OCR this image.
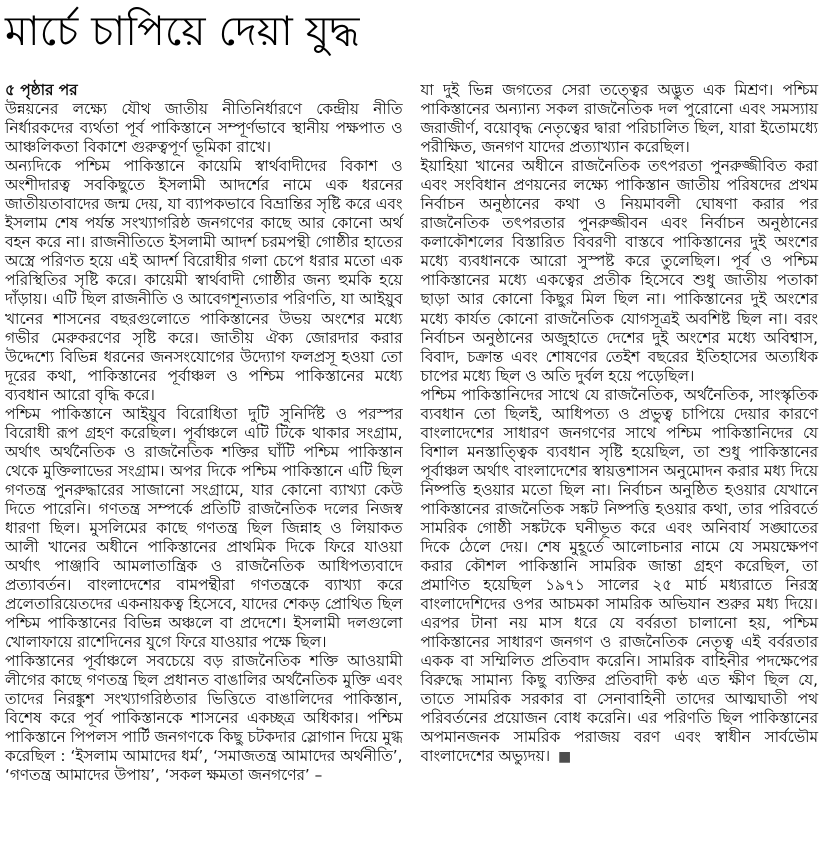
মার্চে চাপিয়ে দেয়া যুদ্ধ

৫ পৃষ্ঠার পর

উন্নয়নের লক্ষ্যে যৌথ জাতীয় নীতিনির্ধারণে কেন্দ্রীয় নীতি নির্ধারকদের ব্যর্থতা পূর্ব পাকিস্তানে সম্পূর্ণভাবে স্থানীয় পক্ষপাত ও আঞ্চলিকতা বিকাশে গুরুত্বপূর্ণ ভূমিকা রাখে।

অন্যদিকে পশ্চিম পাকিস্তানে কায়েমি স্বার্থবাদীদের বিকাশ ও অংশীদারত্ব সবকিছুতে ইসলামী আদর্শের নামে এক ধরনের জাতীয়তাবাদের জন্ম দেয়, যা ব্যাপকভাবে বিভ্রান্তির সৃষ্টি করে এবং ইসলাম শেষ পর্যন্ত সংখ্যাগরিষ্ঠ জনগণের কাছে আর কোনো অর্থ বহন করে না। রাজনীতিতে ইসলামী আদর্শ চরমপন্থী গোষ্ঠীর হাতের অস্ত্রে পরিণত হয়ে এই আদর্শ বিরোধীর গলা চেপে ধরার মতো এক পরিস্থিতির সৃষ্টি করে। কায়েমী স্বার্থবাদী গোষ্ঠীর জন্য হুমকি হয়ে দাঁড়ায়। এটি ছিল রাজনীতি ও আবেগশূন্যতার পরিণতি, যা আইয়ুব খানের শাসনের বছরগুলোতে পাকিস্তানের উভয় অংশের মধ্যে গভীর মেরুকরণের সৃষ্টি করে। জাতীয় ঐক্য জোরদার করার উদ্দেশ্যে বিভিন্ন ধরনের জনসংযোগের উদ্যোগ ফলপ্রসূ হওয়া তো দূরের কথা, পাকিস্তানের পূর্বাঞ্চল ও পশ্চিম পাকিস্তানের মধ্যে ব্যবধান আরো বৃদ্ধি করে।

পশ্চিম পাকিস্তানে আইয়ুব বিরোধিতা দুটি সুনির্দিষ্ট ও পরস্পর বিরোধী রূপ গ্রহণ করেছিল। পূর্বাঞ্চলে এটি টিকে থাকার সংগ্রাম, অর্থাৎ অর্থনৈতিক ও রাজনৈতিক শক্তির ঘাঁটি পশ্চিম পাকিস্তান থেকে মুক্তিলাভের সংগ্রাম। অপর দিকে পশ্চিম পাকিস্তানে এটি ছিল গণতন্ত্র পুনরুদ্ধারের সাজানো সংগ্রামে, যার কোনো ব্যাখ্যা কেউ দিতে পারেনি। গণতন্ত্র সম্পর্কে প্রতিটি রাজনৈতিক দলের নিজস্ব ধারণা ছিল। মুসলিমের কাছে গণতন্ত্র ছিল জিন্নাহ ও লিয়াকত আলী খানের অধীনে পাকিস্তানের প্রাথমিক দিকে ফিরে যাওয়া অর্থাৎ পাঞ্জাবি আমলাতান্ত্রিক ও রাজনৈতিক আধিপত্যবাদে প্রত্যাবর্তন। বাংলাদেশের বামপন্থীরা গণতন্ত্রকে ব্যাখ্যা করে প্রলেতারিয়েতদের একনায়কত্ব হিসেবে, যাদের শেকড় প্রোথিত ছিল পশ্চিম পাকিস্তানের বিভিন্ন অঞ্চলে বা প্রদেশে। ইসলামী দলগুলো খোলাফায়ে রাশেদিনের যুগে ফিরে যাওয়ার পক্ষে ছিল।

পাকিস্তানের পূর্বাঞ্চলে সবচেয়ে বড় রাজনৈতিক শক্তি আওয়ামী লীগের কাছে গণতন্ত্র ছিল প্রধানত বাঙালির অর্থনৈতিক মুক্তি এবং তাদের নিরঙ্কুশ সংখ্যাগরিষ্ঠতার ভিত্তিতে বাঙালিদের পাকিস্তান, বিশেষ করে পূর্ব পাকিস্তানকে শাসনের একচ্ছত্র অধিকার। পশ্চিম পাকিস্তানে পিপলস পার্টি জনগণকে কিছু চটকদার স্লোগান দিয়ে মুগ্ধ করেছিল : ‘ইসলাম আমাদের ধর্ম’, ‘সমাজতন্ত্র আমাদের অর্থনীতি’, ‘গণতন্ত্র আমাদের উপায়’, ‘সকল ক্ষমতা জনগণের’ –

যা দুই ভিন্ন জগতের সেরা তত্ত্বের অদ্ভুত এক মিশ্রণ। পশ্চিম পাকিস্তানের অন্যান্য সকল রাজনৈতিক দল পুরোনো এবং সমস্যায় জরাজীর্ণ, বয়োবৃদ্ধ নেতৃত্বের দ্বারা পরিচালিত ছিল, যারা ইতোমধ্যে পরীক্ষিত, জনগণ যাদের প্রত্যাখ্যান করেছিল।

ইয়াহিয়া খানের অধীনে রাজনৈতিক তৎপরতা পুনরুজ্জীবিত করা এবং সংবিধান প্রণয়নের লক্ষ্যে পাকিস্তান জাতীয় পরিষদের প্রথম নির্বাচন অনুষ্ঠানের কথা ও নিয়মাবলী ঘোষণা করার পর রাজনৈতিক তৎপরতার পুনরুজ্জীবন এবং নির্বাচন অনুষ্ঠানের কলাকৌশলের বিস্তারিত বিবরণী বাস্তবে পাকিস্তানের দুই অংশের মধ্যে ব্যবধানকে আরো সুস্পষ্ট করে তুলেছিল। পূর্ব ও পশ্চিম পাকিস্তানের মধ্যে একত্বের প্রতীক হিসেবে শুধু জাতীয় পতাকা ছাড়া আর কোনো কিছুর মিল ছিল না। পাকিস্তানের দুই অংশের মধ্যে কার্যত কোনো রাজনৈতিক যোগসূত্রই অবশিষ্ট ছিল না। বরং নির্বাচন অনুষ্ঠানের অজুহাতে দেশের দুই অংশের মধ্যে অবিশ্বাস, বিবাদ, চক্রান্ত এবং শোষণের তেইশ বছরের ইতিহাসের অত্যধিক চাপের মধ্যে ছিল ও অতি দুর্বল হয়ে পড়েছিল।

পশ্চিম পাকিস্তানিদের সাথে যে রাজনৈতিক, অর্থনৈতিক, সাংস্কৃতিক ব্যবধান তো ছিলই, আধিপত্য ও প্রভুত্ব চাপিয়ে দেয়ার কারণে বাংলাদেশের সাধারণ জনগণের সাথে পশ্চিম পাকিস্তানিদের যে বিশাল মনস্তাত্ত্বিক ব্যবধান সৃষ্টি হয়েছিল, তা শুধু পাকিস্তানের পূর্বাঞ্চল অর্থাৎ বাংলাদেশের স্বায়ত্তশাসন অনুমোদন করার মধ্য দিয়ে নিষ্পত্তি হওয়ার মতো ছিল না। নির্বাচন অনুষ্ঠিত হওয়ার যেখানে পাকিস্তানের রাজনৈতিক সঙ্কট নিষ্পত্তি হওয়ার কথা, তার পরিবর্তে সামরিক গোষ্ঠী সঙ্কটকে ঘনীভূত করে এবং অনিবার্য সঙ্ঘাতের দিকে ঠেলে দেয়। শেষ মুহূর্তে আলোচনার নামে যে সময়ক্ষেপণ করার কৌশল পাকিস্তানি সামরিক জান্তা গ্রহণ করেছিল, তা প্রমাণিত হয়েছিল ১৯৭১ সালের ২৫ মার্চ মধ্যরাতে নিরস্ত্র বাংলাদেশিদের ওপর আচমকা সামরিক অভিযান শুরুর মধ্য দিয়ে। এরপর টানা নয় মাস ধরে যে বর্বরতা চালানো হয়, পশ্চিম পাকিস্তানের সাধারণ জনগণ ও রাজনৈতিক নেতৃত্ব এই বর্বরতার একক বা সম্মিলিত প্রতিবাদ করেনি। সামরিক বাহিনীর পদক্ষেপের বিরুদ্ধে সামান্য কিছু ব্যক্তির প্রতিবাদী কণ্ঠ এত ক্ষীণ ছিল যে, তাতে সামরিক সরকার বা সেনাবাহিনী তাদের আত্মঘাতী পথ পরিবর্তনের প্রয়োজন বোধ করেনি। এর পরিণতি ছিল পাকিস্তানের অপমানজনক সামরিক পরাজয় বরণ এবং স্বাধীন সার্বভৌম বাংলাদেশের অভ্যুদয়। ■
